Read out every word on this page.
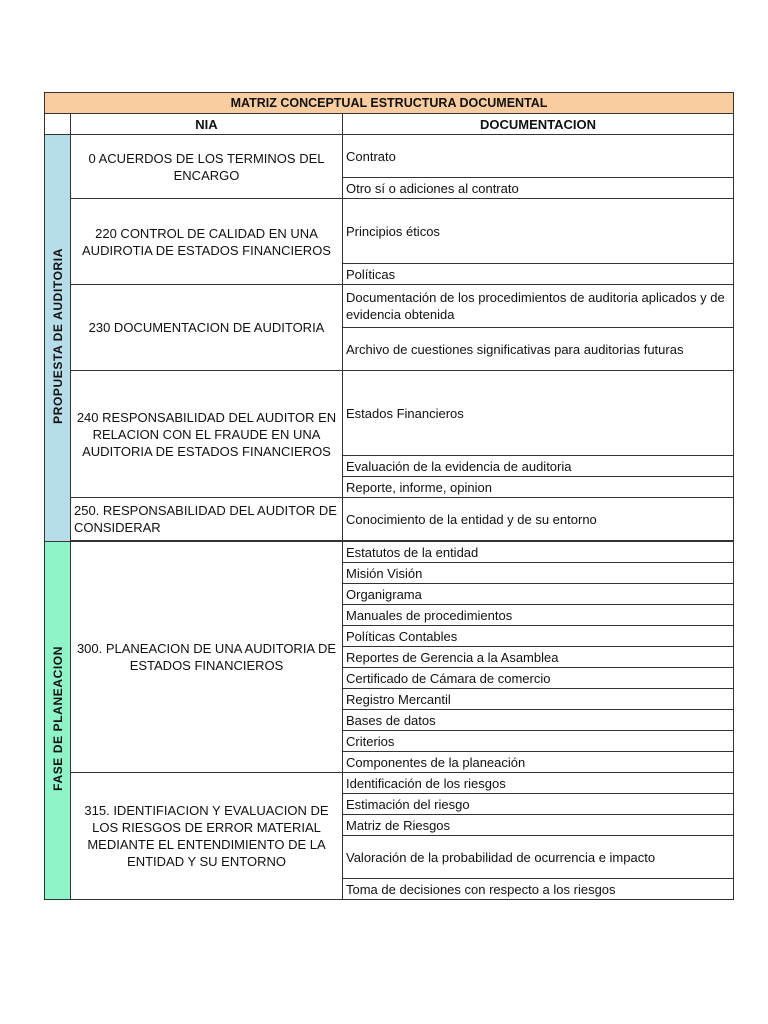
MATRIZ CONCEPTUAL ESTRUCTURA DOCUMENTAL		
	NIA	DOCUMENTACION
PROPUESTA DE AUDITORIA	0 ACUERDOS DE LOS TERMINOS DEL ENCARGO	Contrato
		Otro sí o adiciones al contrato
	220 CONTROL DE CALIDAD EN UNA AUDIROTIA DE ESTADOS FINANCIEROS	Principios éticos
		Políticas
	230 DOCUMENTACION DE AUDITORIA	Documentación de los procedimientos de auditoria aplicados y de evidencia obtenida
		Archivo de cuestiones significativas para auditorias futuras
	240 RESPONSABILIDAD DEL AUDITOR EN RELACION CON EL FRAUDE EN UNA AUDITORIA DE ESTADOS FINANCIEROS	Estados Financieros
		Evaluación de la evidencia de auditoria
		Reporte, informe, opinion
	250. RESPONSABILIDAD DEL AUDITOR DE CONSIDERAR	Conocimiento de la entidad y de su entorno

FASE DE PLANEACION	300. PLANEACION DE UNA AUDITORIA DE ESTADOS FINANCIEROS	Estatutos de la entidad
		Misión Visión
		Organigrama
		Manuales de procedimientos
		Políticas Contables
		Reportes de Gerencia a la Asamblea
		Certificado de Cámara de comercio
		Registro Mercantil
		Bases de datos
		Criterios
		Componentes de la planeación
	315. IDENTIFIACION Y EVALUACION DE LOS RIESGOS DE ERROR MATERIAL MEDIANTE EL ENTENDIMIENTO DE LA ENTIDAD Y SU ENTORNO	Identificación de los riesgos
		Estimación del riesgo
		Matriz de Riesgos
		Valoración de la probabilidad de ocurrencia e impacto
		Toma de decisiones con respecto a los riesgos
